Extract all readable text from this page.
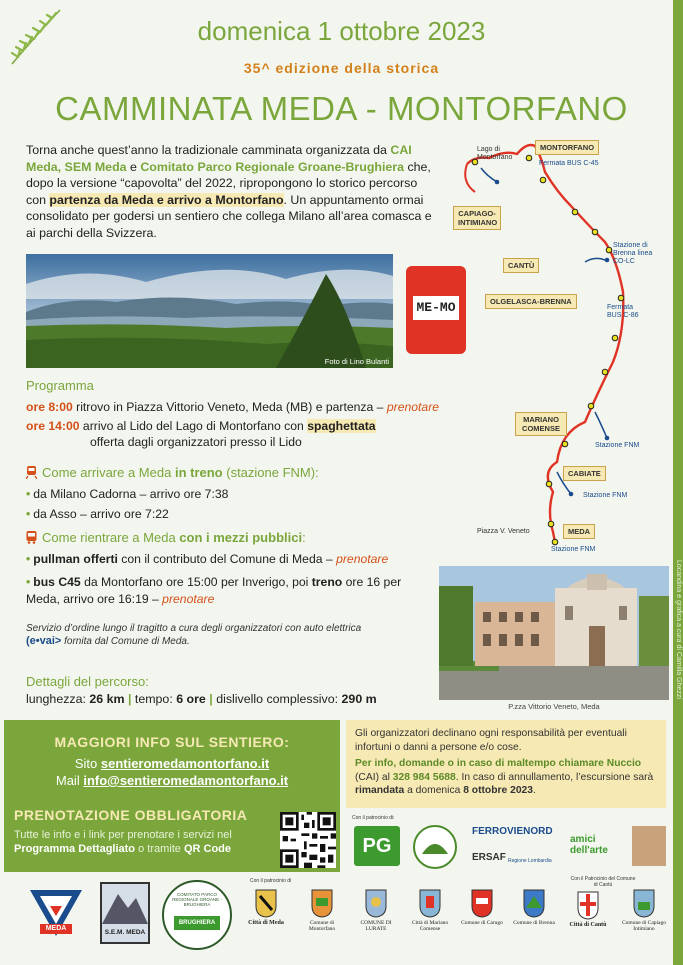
Locandina e grafica a cura di Camilla Ghezzi
domenica 1 ottobre 2023
35^ edizione della storica
CAMMINATA MEDA - MONTORFANO
Torna anche quest’anno la tradizionale camminata organizzata da CAI Meda, SEM Meda e Comitato Parco Regionale Groane-Brughiera che, dopo la versione “capovolta” del 2022, ripropongono lo storico percorso con partenza da Meda e arrivo a Montorfano. Un appuntamento ormai consolidato per godersi un sentiero che collega Milano all’area comasca e ai parchi della Svizzera.
Foto di Lino Bulanti
ME-MO
Programma
ore 8:00 ritrovo in Piazza Vittorio Veneto, Meda (MB) e partenza – prenotare
ore 14:00 arrivo al Lido del Lago di Montorfano con spaghettata
offerta dagli organizzatori presso il Lido
Come arrivare a Meda in treno (stazione FNM):
• da Milano Cadorna – arrivo ore 7:38
• da Asso – arrivo ore 7:22
Come rientrare a Meda con i mezzi pubblici:
• pullman offerti con il contributo del Comune di Meda – prenotare
• bus C45 da Montorfano ore 15:00 per Inverigo, poi treno ore 16 per Meda, arrivo ore 16:19 – prenotare
Servizio d’ordine lungo il tragitto a cura degli organizzatori con auto elettrica
(e•vai> fornita dal Comune di Meda.
Dettagli del percorso:
lunghezza: 26 km | tempo: 6 ore | dislivello complessivo: 290 m
MONTORFANO
CAPIAGO-INTIMIANO
CANTÙ
OLGELASCA-BRENNA
MARIANO COMENSE
CABIATE
MEDA
Lago di Montorfano
Fermata BUS C-45
Stazione di Brenna linea CO-LC
Fermata BUS C-86
Stazione FNM
Stazione FNM
Stazione FNM
Piazza V. Veneto
P.zza Vittorio Veneto, Meda
MAGGIORI INFO SUL SENTIERO:
Sito sentieromedamontorfano.it
Mail info@sentieromedamontorfano.it
PRENOTAZIONE OBBLIGATORIA
Tutte le info e i link per prenotare i servizi nel Programma Dettagliato o tramite QR Code
Gli organizzatori declinano ogni responsabilità per eventuali infortuni o danni a persone e/o cose.
Per info, domande o in caso di maltempo chiamare Nuccio (CAI) al 328 984 5688. In caso di annullamento, l’escursione sarà rimandata a domenica 8 ottobre 2023.
Con il patrocinio di:
PG
FERROVIENORD
ERSAF Regione Lombardia
amici dell'arte
MEDA
S.E.M. MEDA
COMITATO PARCO REGIONALE GROANE - BRUGHIERA
BRUGHIERA
Con il patrocinio di	Con il Patrocinio del Comune di Cantù
Città di Meda	Comune di Montorfano
COMUNE DI LURATE
Città di Mariano Comense
Comune di Carugo Comune di Brenna	Città di Cantù	Comune di Capiago Intimiano
